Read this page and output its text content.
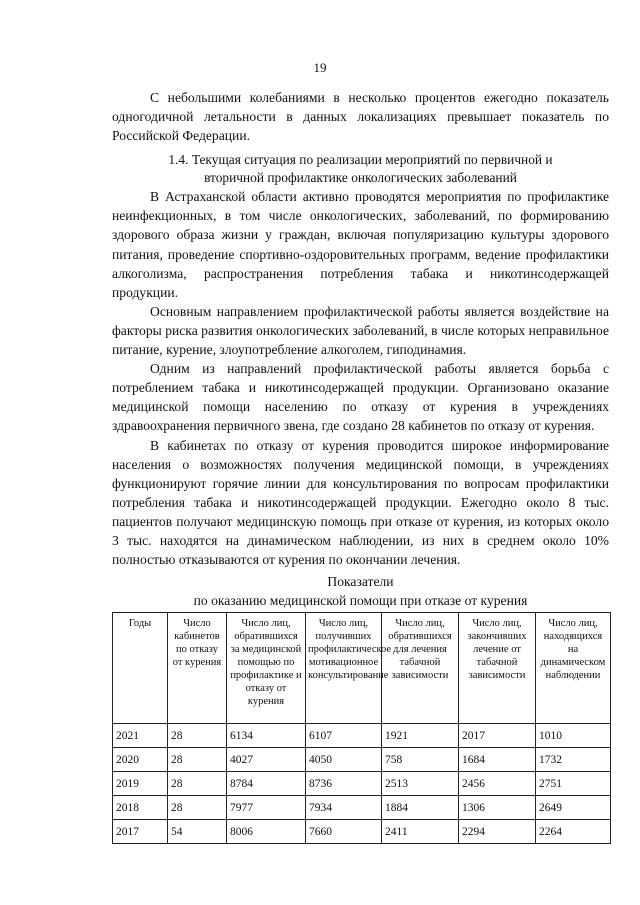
19

С небольшими колебаниями в несколько процентов ежегодно показатель одногодичной летальности в данных локализациях превышает показатель по Российской Федерации.

1.4. Текущая ситуация по реализации мероприятий по первичной и
вторичной профилактике онкологических заболеваний

В Астраханской области активно проводятся мероприятия по профилактике неинфекционных, в том числе онкологических, заболеваний, по формированию здорового образа жизни у граждан, включая популяризацию культуры здорового питания, проведение спортивно-оздоровительных программ, ведение профилактики алкоголизма, распространения потребления табака и никотинсодержащей продукции.

Основным направлением профилактической работы является воздействие на факторы риска развития онкологических заболеваний, в числе которых неправильное питание, курение, злоупотребление алкоголем, гиподинамия.

Одним из направлений профилактической работы является борьба с потреблением табака и никотинсодержащей продукции. Организовано оказание медицинской помощи населению по отказу от курения в учреждениях здравоохранения первичного звена, где создано 28 кабинетов по отказу от курения.

В кабинетах по отказу от курения проводится широкое информирование населения о возможностях получения медицинской помощи, в учреждениях функционируют горячие линии для консультирования по вопросам профилактики потребления табака и никотинсодержащей продукции. Ежегодно около 8 тыс. пациентов получают медицинскую помощь при отказе от курения, из которых около 3 тыс. находятся на динамическом наблюдении, из них в среднем около 10% полностью отказываются от курения по окончании лечения.

Показатели
по оказанию медицинской помощи при отказе от курения
Годы	Число кабинетов по отказу от курения	Число лиц, обратившихся за медицинской помощью по профилактике и отказу от курения	Число лиц, получивших профилактическое мотивационное консультирование	Число лиц, обратившихся для лечения табачной зависимости	Число лиц, закончивших лечение от табачной зависимости	Число лиц, находящихся на динамическом наблюдении
2021	28	6134	6107	1921	2017	1010
2020	28	4027	4050	758	1684	1732
2019	28	8784	8736	2513	2456	2751
2018	28	7977	7934	1884	1306	2649
2017	54	8006	7660	2411	2294	2264
